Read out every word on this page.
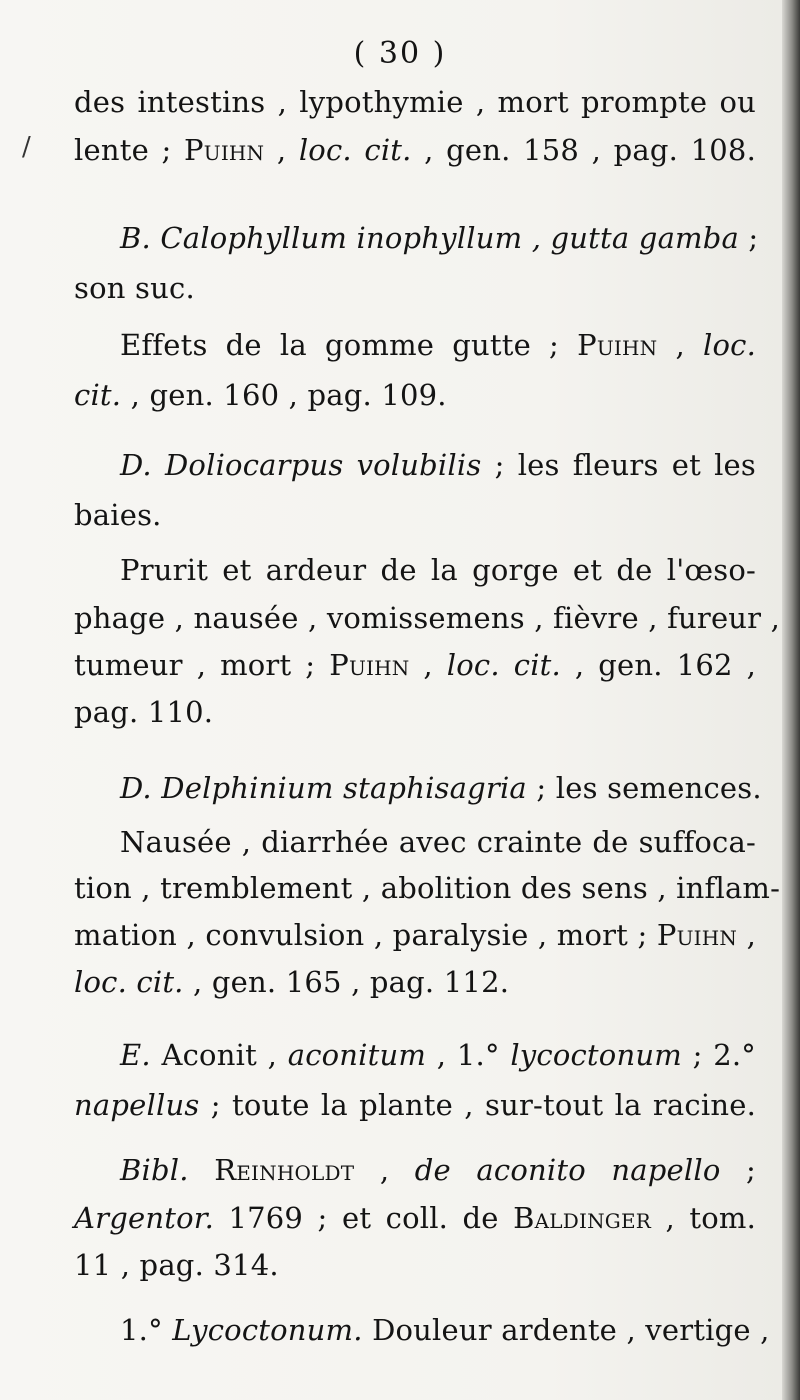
( 30 )
/
des intestins , lypothymie , mort prompte ou
lente ; Puihn , loc. cit. , gen. 158 , pag. 108.
B. Calophyllum inophyllum , gutta gamba ;
son suc.
Effets de la gomme gutte ; Puihn , loc.
cit. , gen. 160 , pag. 109.
D. Doliocarpus volubilis ; les fleurs et les
baies.
Prurit et ardeur de la gorge et de l'œso-
phage , nausée , vomissemens , fièvre , fureur ,
tumeur , mort ; Puihn , loc. cit. , gen. 162 ,
pag. 110.
D. Delphinium staphisagria ; les semences.
Nausée , diarrhée avec crainte de suffoca-
tion , tremblement , abolition des sens , inflam-
mation , convulsion , paralysie , mort ; Puihn ,
loc. cit. , gen. 165 , pag. 112.
E. Aconit , aconitum , 1.° lycoctonum ; 2.°
napellus ; toute la plante , sur-tout la racine.
Bibl. Reinholdt , de aconito napello ;
Argentor. 1769 ; et coll. de Baldinger , tom.
11 , pag. 314.
1.° Lycoctonum. Douleur ardente , vertige ,
